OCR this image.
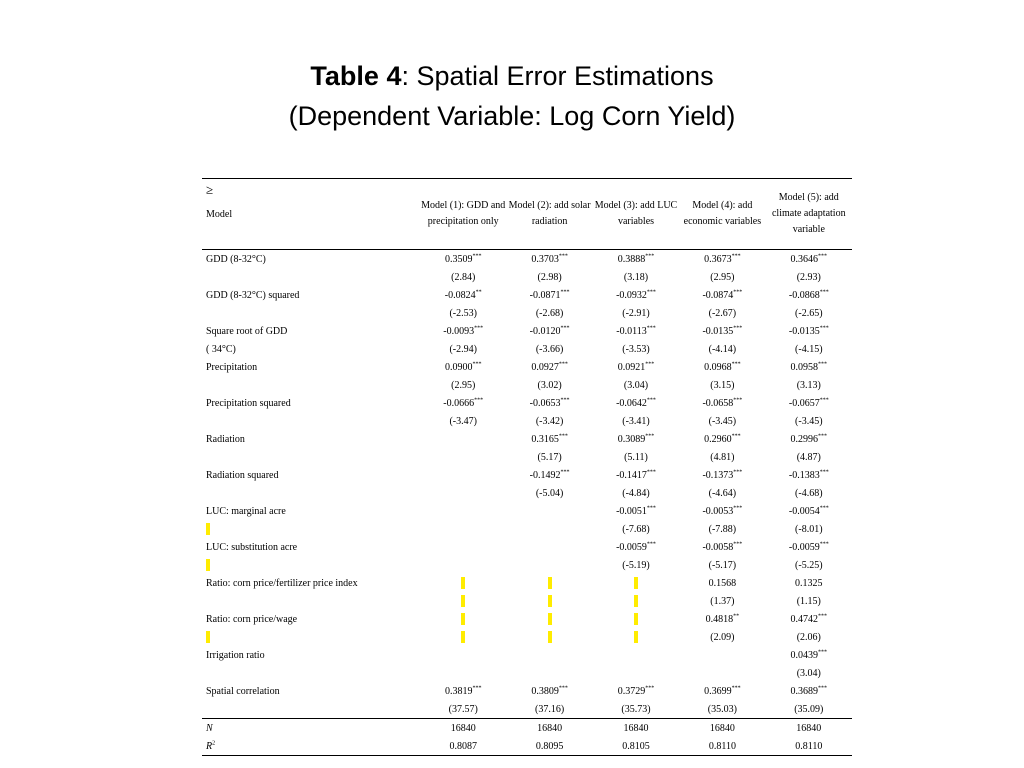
Table 4: Spatial Error Estimations
(Dependent Variable: Log Corn Yield)
≥
Model	Model (1): GDD and precipitation only	Model (2): add solar radiation	Model (3): add LUC variables	Model (4): add economic variables	Model (5): add climate adaptation variable
GDD (8-32°C)	0.3509***	0.3703***	0.3888***	0.3673***	0.3646***
	(2.84)	(2.98)	(3.18)	(2.95)	(2.93)
GDD (8-32°C) squared	-0.0824**	-0.0871***	-0.0932***	-0.0874***	-0.0868***
	(-2.53)	(-2.68)	(-2.91)	(-2.67)	(-2.65)
Square root of GDD	-0.0093***	-0.0120***	-0.0113***	-0.0135***	-0.0135***
( 34°C)	(-2.94)	(-3.66)	(-3.53)	(-4.14)	(-4.15)
Precipitation	0.0900***	0.0927***	0.0921***	0.0968***	0.0958***
	(2.95)	(3.02)	(3.04)	(3.15)	(3.13)
Precipitation squared	-0.0666***	-0.0653***	-0.0642***	-0.0658***	-0.0657***
	(-3.47)	(-3.42)	(-3.41)	(-3.45)	(-3.45)
Radiation		0.3165***	0.3089***	0.2960***	0.2996***
		(5.17)	(5.11)	(4.81)	(4.87)
Radiation squared		-0.1492***	-0.1417***	-0.1373***	-0.1383***
		(-5.04)	(-4.84)	(-4.64)	(-4.68)
LUC: marginal acre			-0.0051***	-0.0053***	-0.0054***
			(-7.68)	(-7.88)	(-8.01)
LUC: substitution acre			-0.0059***	-0.0058***	-0.0059***
			(-5.19)	(-5.17)	(-5.25)
Ratio: corn price/fertilizer price index				0.1568	0.1325
				(1.37)	(1.15)
Ratio: corn price/wage				0.4818**	0.4742***
				(2.09)	(2.06)
Irrigation ratio					0.0439***
					(3.04)
Spatial correlation	0.3819***	0.3809***	0.3729***	0.3699***	0.3689***
	(37.57)	(37.16)	(35.73)	(35.03)	(35.09)
N	16840	16840	16840	16840	16840
$R^2$	0.8087	0.8095	0.8105	0.8110	0.8110
